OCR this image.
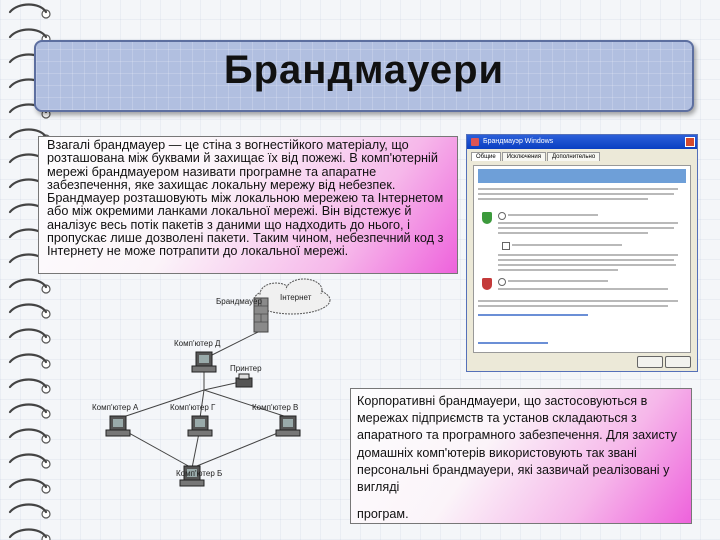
Брандмауери
Взагалі брандмауер — це стіна з вогнестійкого матеріалу, що розташована між буквами й захищає їх від пожежі. В комп'ютерній мережі брандмауером називати програмне та апаратне забезпечення, яке захищає локальну мережу від небезпек. Брандмауер розташовують між локальною мережею та Інтернетом або між окремими ланками локальної мережі. Він відстежує й аналізує весь потік пакетів з даними що надходить до нього, і пропускає лише дозволені пакети. Таким чином, небезпечний код з Інтернету не може потрапити до локальної мережі.
Брандмауэр Windows
Общие Исключения Дополнительно
Інтернет
Брандмауер
Комп'ютер Д
Принтер
Комп'ютер А	Комп'ютер Г	Комп'ютер В
Комп'ютер Б
Корпоративні брандмауери, що застосовуються в мережах підприємств та установ складаються з апаратного та програмного забезпечення. Для захисту домашніх комп'ютерів використовують так звані персональні брандмауери, які зазвичай реалізовані у вигляді
програм.
